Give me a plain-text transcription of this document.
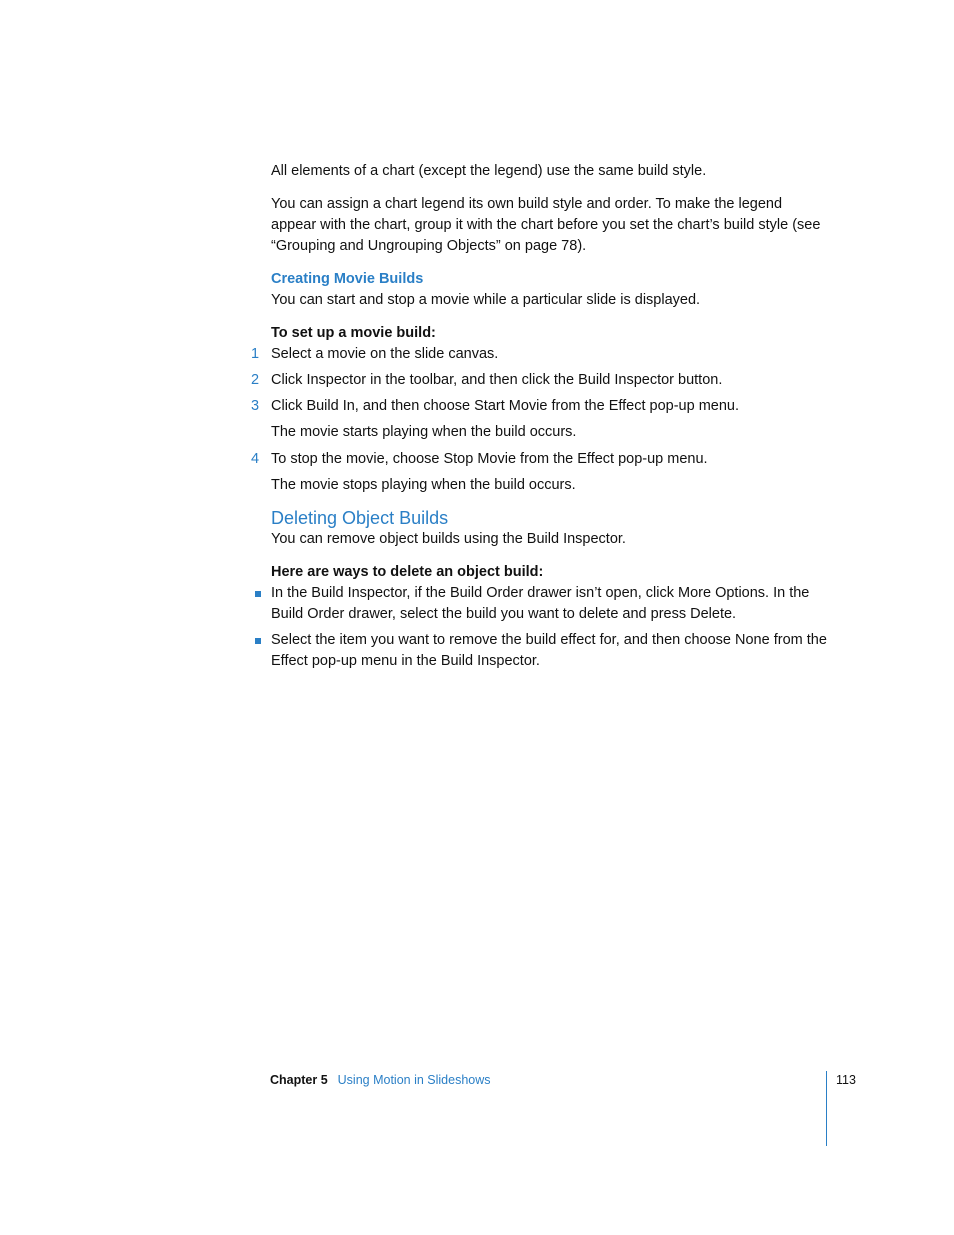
All elements of a chart (except the legend) use the same build style.

You can assign a chart legend its own build style and order. To make the legend appear with the chart, group it with the chart before you set the chart’s build style (see “Grouping and Ungrouping Objects” on page 78).

Creating Movie Builds

You can start and stop a movie while a particular slide is displayed.

To set up a movie build:

1 Select a movie on the slide canvas.

2 Click Inspector in the toolbar, and then click the Build Inspector button.

3 Click Build In, and then choose Start Movie from the Effect pop-up menu.

The movie starts playing when the build occurs.

4 To stop the movie, choose Stop Movie from the Effect pop-up menu.

The movie stops playing when the build occurs.

Deleting Object Builds

You can remove object builds using the Build Inspector.

Here are ways to delete an object build:

In the Build Inspector, if the Build Order drawer isn’t open, click More Options. In the Build Order drawer, select the build you want to delete and press Delete.

Select the item you want to remove the build effect for, and then choose None from the Effect pop-up menu in the Build Inspector.

Chapter 5 Using Motion in Slideshows	113
